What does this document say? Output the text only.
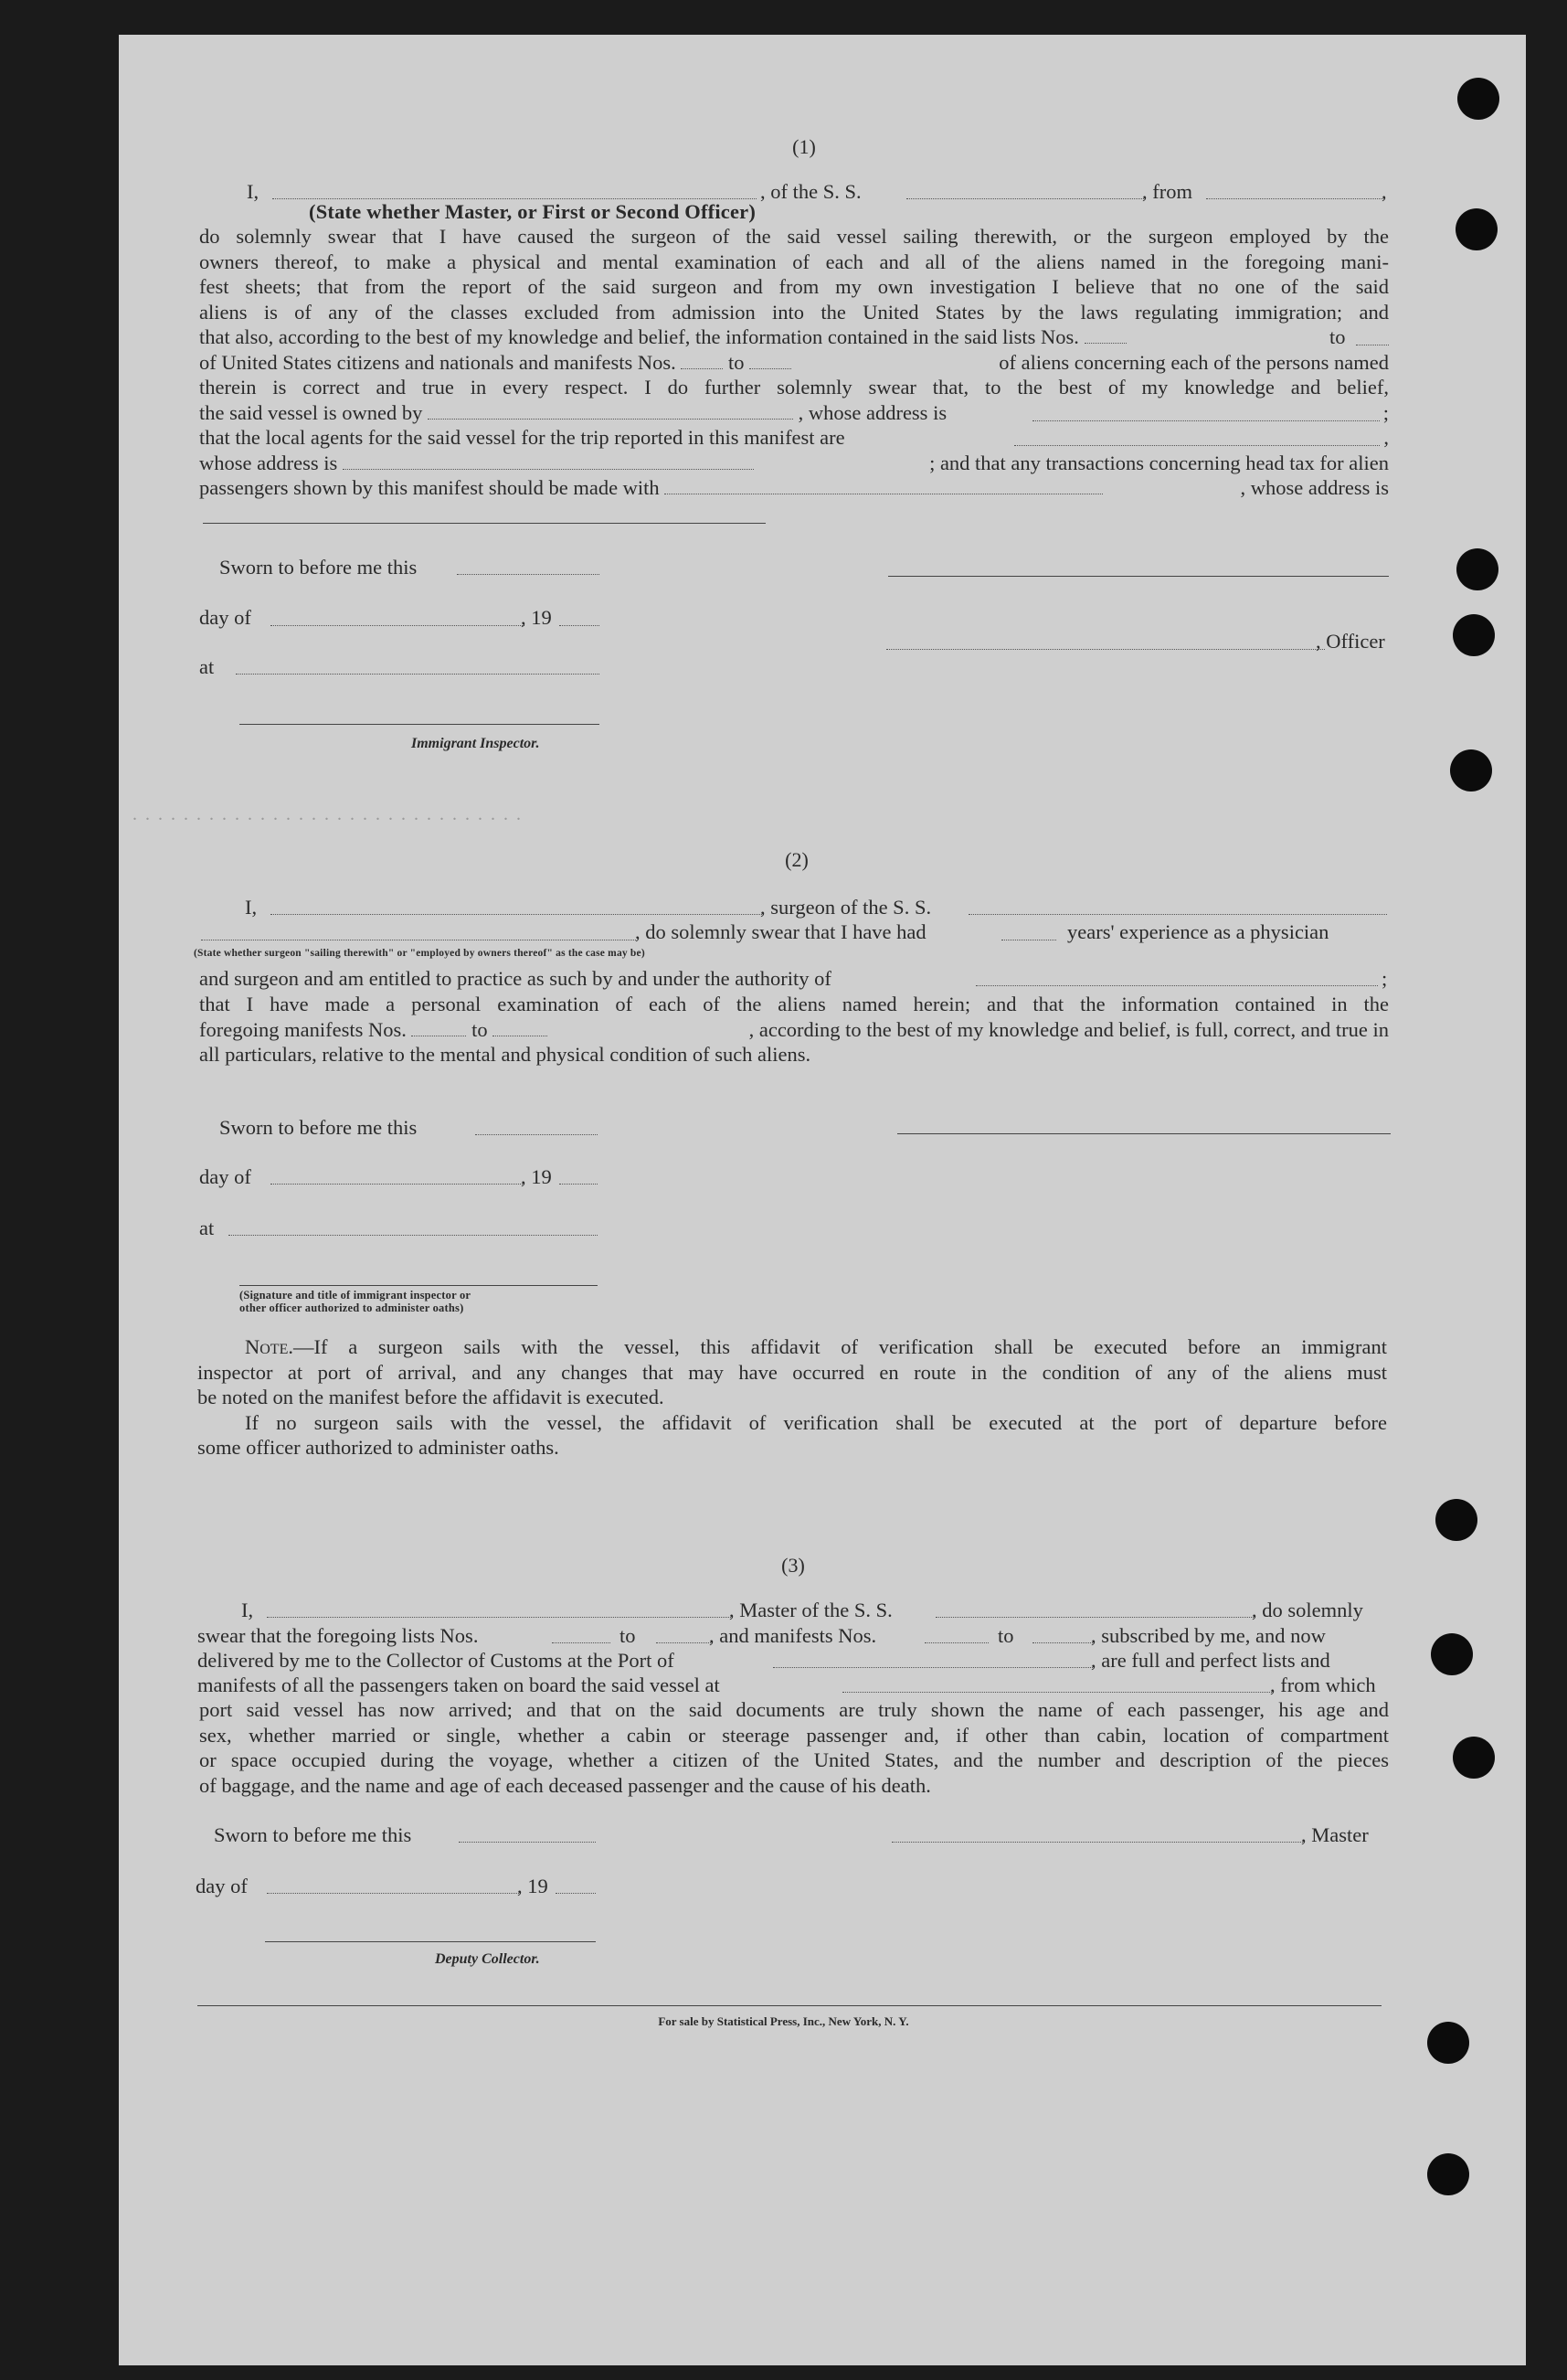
. . . . . . . . . . . . . . . . . . . . . . . . . . . . . . .
(1)
I,
(State whether Master, or First or Second Officer)
, of the S. S.	, from	,

do solemnly swear that I have caused the surgeon of the said vessel sailing therewith, or the surgeon employed by the

owners thereof, to make a physical and mental examination of each and all of the aliens named in the foregoing mani-

fest sheets; that from the report of the said surgeon and from my own investigation I believe that no one of the said

aliens is of any of the classes excluded from admission into the United States by the laws regulating immigration; and

that also, according to the best of my knowledge and belief, the information contained in the said lists Nos.	to

of United States citizens and nationals and manifests Nos.	to	of aliens concerning each of the persons named

therein is correct and true in every respect. I do further solemnly swear that, to the best of my knowledge and belief,

the said vessel is owned by	, whose address is	;

that the local agents for the said vessel for the trip reported in this manifest are	,

whose address is	; and that any transactions concerning head tax for alien

passengers shown by this manifest should be made with	, whose address is

Sworn to before me this
day of	, 19
, Officer
at
Immigrant Inspector.
(2)
I,	, surgeon of the S. S.
, do solemnly swear that I have had	years' experience as a physician
(State whether surgeon "sailing therewith" or "employed by owners thereof" as the case may be)
and surgeon and am entitled to practice as such by and under the authority of	;

that I have made a personal examination of each of the aliens named herein; and that the information contained in the

foregoing manifests Nos.	to	, according to the best of my knowledge and belief, is full, correct, and true in

all particulars, relative to the mental and physical condition of such aliens.

Sworn to before me this
day of	, 19
at
(Signature and title of immigrant inspector or
other officer authorized to administer oaths)

Note.—If a surgeon sails with the vessel, this affidavit of verification shall be executed before an immigrant

inspector at port of arrival, and any changes that may have occurred en route in the condition of any of the aliens must

be noted on the manifest before the affidavit is executed.

If no surgeon sails with the vessel, the affidavit of verification shall be executed at the port of departure before

some officer authorized to administer oaths.

(3)
I,	, Master of the S. S.	, do solemnly
swear that the foregoing lists Nos.	to	, and manifests Nos.	to	, subscribed by me, and now
delivered by me to the Collector of Customs at the Port of	, are full and perfect lists and
manifests of all the passengers taken on board the said vessel at	, from which

port said vessel has now arrived; and that on the said documents are truly shown the name of each passenger, his age and

sex, whether married or single, whether a cabin or steerage passenger and, if other than cabin, location of compartment

or space occupied during the voyage, whether a citizen of the United States, and the number and description of the pieces

of baggage, and the name and age of each deceased passenger and the cause of his death.

Sworn to before me this	, Master
day of	, 19
Deputy Collector.
For sale by Statistical Press, Inc., New York, N. Y.
